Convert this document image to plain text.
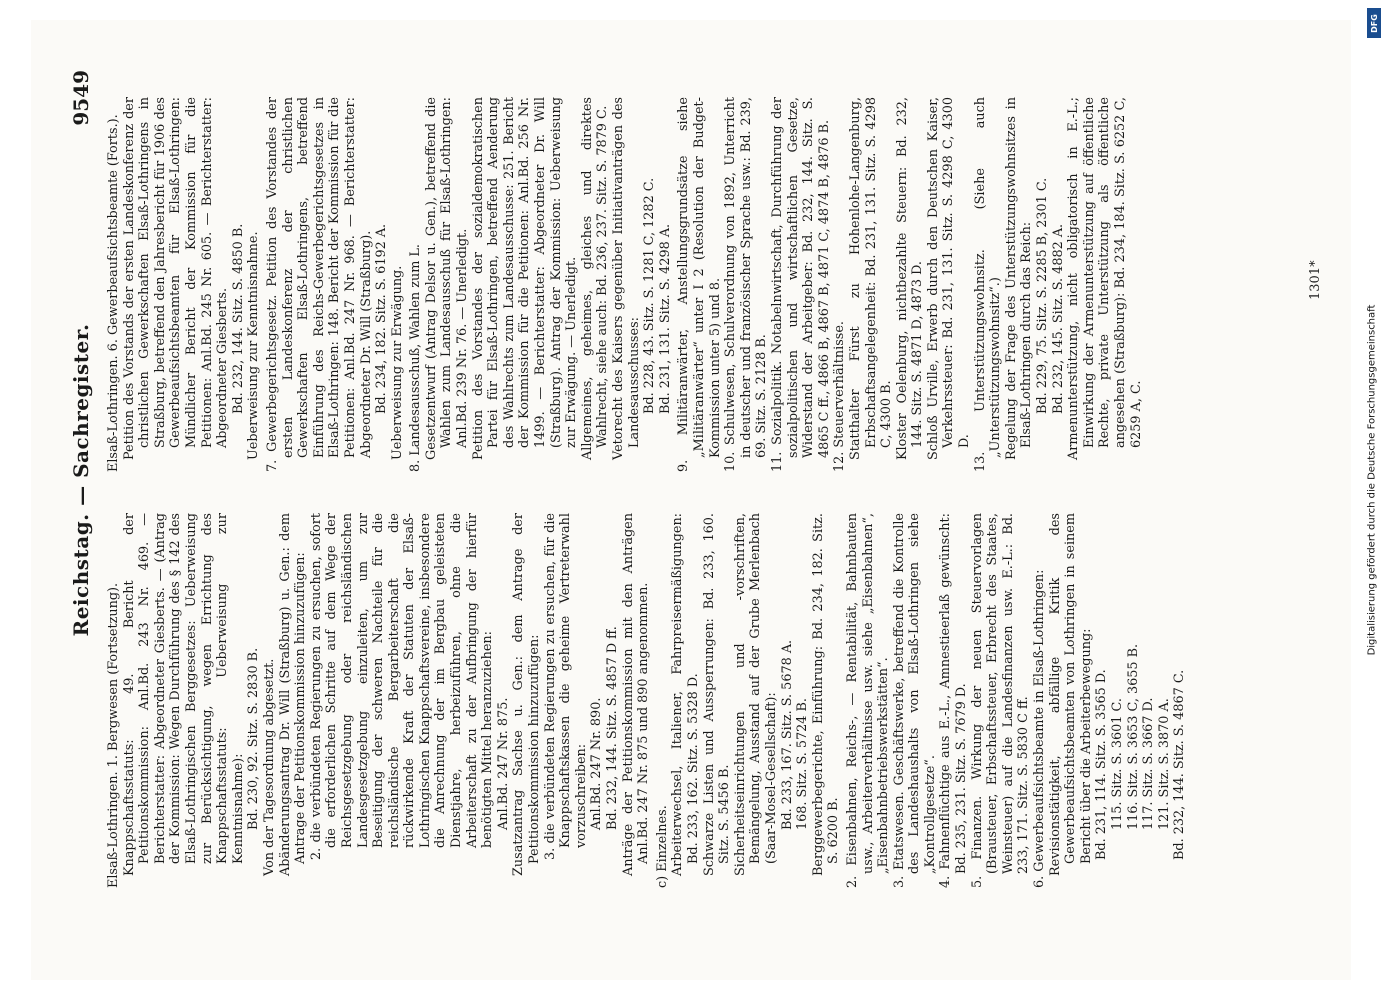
Reichstag. — Sachregister.
9549

Elsaß-Lothringen. 1. Bergwesen (Fortsetzung). Knappschaftsstatuts: 49. Bericht der Petitionskommission: Anl.Bd. 243 Nr. 469. — Berichterstatter: Abgeordneter Giesberts. — (Antrag der Kommission: Wegen Durchführung des § 142 des Elsaß-Lothringischen Berggesetzes: Ueberweisung zur Berücksichtigung, wegen Errichtung des Knappschaftsstatuts: Ueberweisung zur Kenntnisnahme): Bd. 230, 92. Sitz. S. 2830 B. Von der Tagesordnung abgesetzt. Abänderungsantrag Dr. Will (Straßburg) u. Gen.: dem Antrage der Petitionskommission hinzuzufügen: 2. die verbündeten Regierungen zu ersuchen, sofort die erforderlichen Schritte auf dem Wege der Reichsgesetzgebung oder reichsländischen Landesgesetzgebung einzuleiten, um zur Beseitigung der schweren Nachteile für die reichsländische Bergarbeiterschaft die rückwirkende Kraft der Statuten der Elsaß-Lothringischen Knappschaftsvereine, insbesondere die Anrechnung der im Bergbau geleisteten Dienstjahre, herbeizuführen, ohne die Arbeiterschaft zu der Aufbringung der hierfür benötigten Mittel heranzuziehen: Anl.Bd. 247 Nr. 875. Zusatzantrag Sachse u. Gen.: dem Antrage der Petitionskommission hinzuzufügen: 3. die verbündeten Regierungen zu ersuchen, für die Knappschaftskassen die geheime Vertreterwahl vorzuschreiben: Anl.Bd. 247 Nr. 890. Bd. 232, 144. Sitz. S. 4857 D ff. Anträge der Petitionskommission mit den Anträgen Anl.Bd. 247 Nr. 875 und 890 angenommen. c) Einzelnes. Arbeiterwechsel, Italiener, Fahrpreisermäßigungen: Bd. 233, 162. Sitz. S. 5328 D. Schwarze Listen und Aussperrungen: Bd. 233, 160. Sitz. S. 5456 B. Sicherheitseinrichtungen und -vorschriften, Bemängelung, Ausstand auf der Grube Merlenbach (Saar-Mosel-Gesellschaft): Bd. 233, 167. Sitz. S. 5678 A. 168. Sitz. S. 5724 B. Berggewerbegerichte, Einführung: Bd. 234, 182. Sitz. S. 6200 B. 2. Eisenbahnen, Reichs-, — Rentabilität, Bahnbauten usw., Arbeiterverhältnisse usw. siehe „Eisenbahnen“, „Eisenbahnbetriebswerkstätten“. 3. Etatswesen. Geschäftswerke, betreffend die Kontrolle des Landeshaushalts von Elsaß-Lothringen siehe „Kontrollgesetze“. 4. Fahnenflüchtige aus E.-L., Amnestieerlaß gewünscht: Bd. 235, 231. Sitz. S. 7679 D. 5. Finanzen. Wirkung der neuen Steuervorlagen (Brausteuer, Erbschaftssteuer, Erbrecht des Staates, Weinsteuer) auf die Landesfinanzen usw. E.-L.: Bd. 233, 171. Sitz. S. 5830 C ff. 6. Gewerbeaufsichtsbeamte in Elsaß-Lothringen: Revisionstätigkeit, abfällige Kritik des Gewerbeaufsichtsbeamten von Lothringen in seinem Bericht über die Arbeiterbewegung: Bd. 231, 114. Sitz. S. 3565 D. 115. Sitz. S. 3601 C. 116. Sitz. S. 3653 C, 3655 B. 117. Sitz. S. 3667 D. 121. Sitz. S. 3870 A. Bd. 232, 144. Sitz. S. 4867 C.

Elsaß-Lothringen. 6. Gewerbeaufsichtsbeamte (Forts.). Petition des Vorstands der ersten Landeskonferenz der christlichen Gewerkschaften Elsaß-Lothringens in Straßburg, betreffend den Jahresbericht für 1906 des Gewerbeaufsichtsbeamten für Elsaß-Lothringen: Mündlicher Bericht der Kommission für die Petitionen: Anl.Bd. 245 Nr. 605. — Berichterstatter: Abgeordneter Giesberts. Bd. 232, 144. Sitz. S. 4850 B. Ueberweisung zur Kenntnisnahme. 7. Gewerbegerichtsgesetz. Petition des Vorstandes der ersten Landeskonferenz der christlichen Gewerkschaften Elsaß-Lothringens, betreffend Einführung des Reichs-Gewerbegerichtsgesetzes in Elsaß-Lothringen: 148. Bericht der Kommission für die Petitionen: Anl.Bd. 247 Nr. 968. — Berichterstatter: Abgeordneter Dr. Will (Straßburg). Bd. 234, 182. Sitz. S. 6192 A. Ueberweisung zur Erwägung. 8. Landesausschuß, Wahlen zum L. Gesetzentwurf (Antrag Delsor u. Gen.), betreffend die Wahlen zum Landesausschuß für Elsaß-Lothringen: Anl.Bd. 239 Nr. 76. — Unerledigt. Petition des Vorstandes der sozialdemokratischen Partei für Elsaß-Lothringen, betreffend Aenderung des Wahlrechts zum Landesausschusse: 251. Bericht der Kommission für die Petitionen: Anl.Bd. 256 Nr. 1499. — Berichterstatter: Abgeordneter Dr. Will (Straßburg). Antrag der Kommission: Ueberweisung zur Erwägung. — Unerledigt. Allgemeines, geheimes, gleiches und direktes Wahlrecht, siehe auch: Bd. 236, 237. Sitz. S. 7879 C. Vetorecht des Kaisers gegenüber Initiativanträgen des Landesausschusses: Bd. 228, 43. Sitz. S. 1281 C, 1282 C. Bd. 231, 131. Sitz. S. 4298 A. 9. Militäranwärter, Anstellungsgrundsätze siehe „Militäranwärter“ unter I 2 (Resolution der Budget-Kommission unter 5) und 8. 10. Schulwesen, Schulverordnung von 1892, Unterricht in deutscher und französischer Sprache usw.: Bd. 239, 69. Sitz. S. 2128 B. 11. Sozialpolitik. Notabelnwirtschaft, Durchführung der sozialpolitischen und wirtschaftlichen Gesetze, Widerstand der Arbeitgeber: Bd. 232, 144. Sitz. S. 4865 C ff., 4866 B, 4867 B, 4871 C, 4874 B, 4876 B. 12. Steuerverhältnisse. Statthalter Fürst zu Hohenlohe-Langenburg, Erbschaftsangelegenheit: Bd. 231, 131. Sitz. S. 4298 C, 4300 B. Kloster Oelenburg, nichtbezahlte Steuern: Bd. 232, 144. Sitz. S. 4871 D, 4873 D. Schloß Urville, Erwerb durch den Deutschen Kaiser, Verkehrssteuer: Bd. 231, 131. Sitz. S. 4298 C, 4300 D. 13. Unterstützungswohnsitz. (Siehe auch „Unterstützungswohnsitz“.) Regelung der Frage des Unterstützungswohnsitzes in Elsaß-Lothringen durch das Reich: Bd. 229, 75. Sitz. S. 2285 B, 2301 C. Bd. 232, 145. Sitz. S. 4882 A. Armenunterstützung, nicht obligatorisch in E.-L.; Einwirkung der Armenunterstützung auf öffentliche Rechte, private Unterstützung als öffentliche angesehen (Straßburg): Bd. 234, 184. Sitz. S. 6252 C, 6259 A, C.

1301*
Digitalisierung gefördert durch die Deutsche Forschungsgemeinschaft
DFG
